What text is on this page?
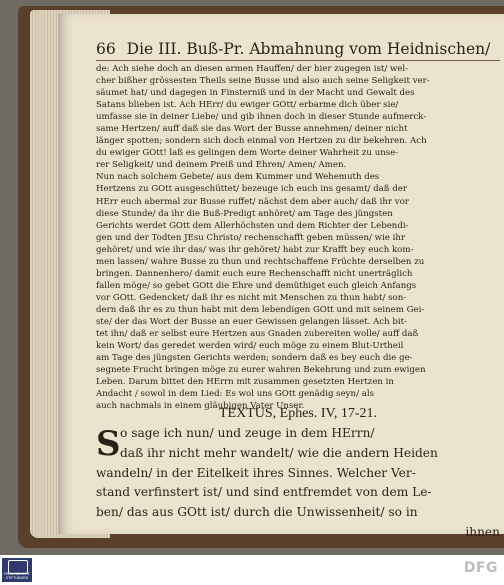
66 Die III. Buß-Pr. Abmahnung vom Heidnischen/
de: Ach siehe doch an diesen armen Hauffen/ der hier zugegen ist/ wel-
cher bißher grössesten Theils seine Busse und also auch seine Seligkeit ver-
säumet hat/ und dagegen in Finsterniß und in der Macht und Gewalt des
Satans blieben ist. Ach HErr/ du ewiger GOtt/ erbarme dich über sie/
umfasse sie in deiner Liebe/ und gib ihnen doch in dieser Stunde aufmerck-
same Hertzen/ auff daß sie das Wort der Busse annehmen/ deiner nicht
länger spotten; sondern sich doch einmal von Hertzen zu dir bekehren. Ach
du ewiger GOtt! laß es gelingen dem Worte deiner Wahrheit zu unse-
rer Seligkeit/ und deinem Preiß und Ehren/ Amen/ Amen.
Nun nach solchem Gebete/ aus dem Kummer und Wehemuth des
Hertzens zu GOtt ausgeschüttet/ bezeuge ich euch ins gesamt/ daß der
HErr euch abermal zur Busse ruffet/ nächst dem aber auch/ daß ihr vor
diese Stunde/ da ihr die Buß-Predigt anhöret/ am Tage des jüngsten
Gerichts werdet GOtt dem Allerhöchsten und dem Richter der Lebendi-
gen und der Todten JEsu Christo/ rechenschafft geben müssen/ wie ihr
gehöret/ und wie ihr das/ was ihr gehöret/ habt zur Krafft bey euch kom-
men lassen/ wahre Busse zu thun und rechtschaffene Früchte derselben zu
bringen. Dannenhero/ damit euch eure Rechenschafft nicht unerträglich
fallen möge/ so gebet GOtt die Ehre und demüthiget euch gleich Anfangs
vor GOtt. Gedencket/ daß ihr es nicht mit Menschen zu thun habt/ son-
dern daß ihr es zu thun habt mit dem lebendigen GOtt und mit seinem Gei-
ste/ der das Wort der Busse an euer Gewissen gelangen lässet. Ach bit-
tet ihn/ daß er selbst eure Hertzen aus Gnaden zubereiten wolle/ auff daß
kein Wort/ das geredet werden wird/ euch möge zu einem Blut-Urtheil
am Tage des jüngsten Gerichts werden; sondern daß es bey euch die ge-
segnete Frucht bringen möge zu eurer wahren Bekehrung und zum ewigen
Leben. Darum bittet den HErrn mit zusammen gesetzten Hertzen in
Andacht / sowol in dem Lied: Es wol uns GOtt genädig seyn/ als
auch nachmals in einem gläubigen Vater Unser.
TEXTUS, Ephes. IV, 17-21.
S o sage ich nun/ und zeuge in dem HErrn/
daß ihr nicht mehr wandelt/ wie die andern Heiden
wandeln/ in der Eitelkeit ihres Sinnes. Welcher Ver-
stand verfinstert ist/ und sind entfremdet von dem Le-
ben/ das aus GOtt ist/ durch die Unwissenheit/ so in
ihnen
FRANCKESCHE STIFTUNGEN
DFG
